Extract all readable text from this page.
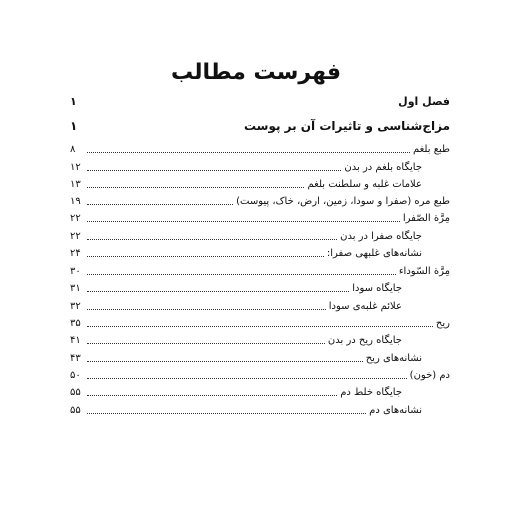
فهرست مطالب
فصل اول
۱
مزاج‌شناسی و تاثیرات آن بر پوست
۱
طبع بلغم
۸
جایگاه بلغم در بدن
۱۲
علامات غلبه و سلطنت بلغم
۱۳
طبع مره (صفرا و سودا، زمین، ارض، خاک، پیوست)
۱۹
مِرَّة الصّفرا
۲۲
جایگاه صفرا در بدن
۲۲
نشانه‌های غلبهی صفرا:
۲۴
مِرَّة السّوداء
۳۰
جایگاه سودا
۳۱
علائم غلبه‌ی سودا
۳۲
ریح
۳۵
جایگاه ریح در بدن
۴۱
نشانه‌های ریح
۴۳
دم (خون)
۵۰
جایگاه خلط دم
۵۵
نشانه‌های دم
۵۵
